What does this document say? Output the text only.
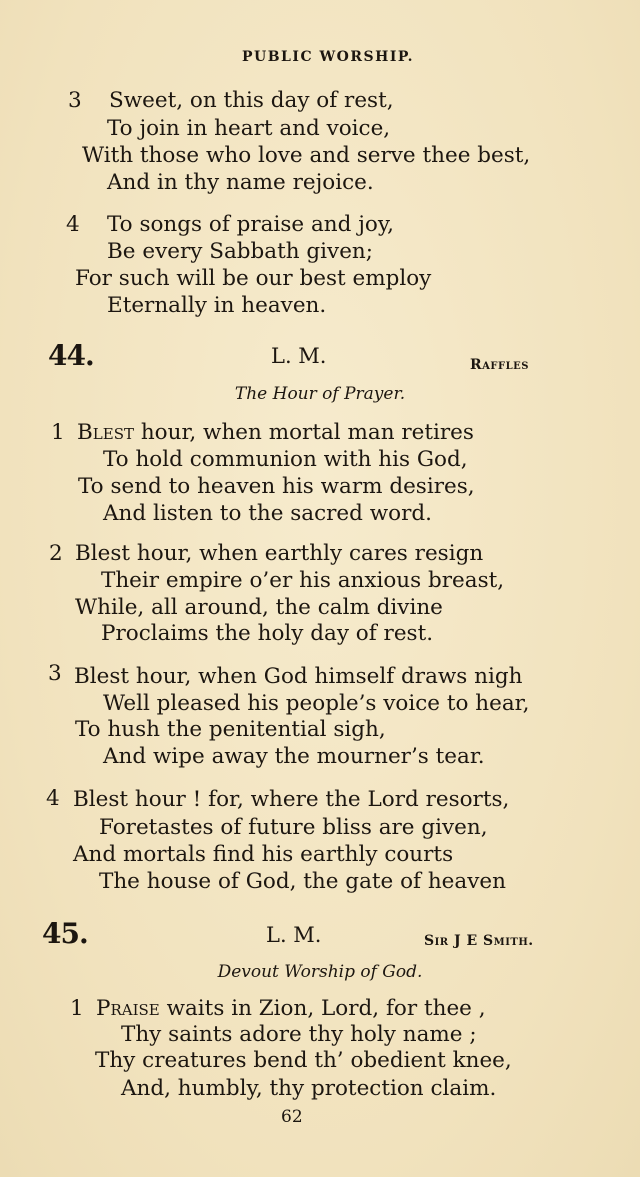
PUBLIC WORSHIP.
3 Sweet, on this day of rest,
To join in heart and voice,
With those who love and serve thee best,
And in thy name rejoice.
4 To songs of praise and joy,
Be every Sabbath given;
For such will be our best employ
Eternally in heaven.
44.	L. M.	Raffles
The Hour of Prayer.
1 Blest hour, when mortal man retires
To hold communion with his God,
To send to heaven his warm desires,
And listen to the sacred word.
2 Blest hour, when earthly cares resign
Their empire o’er his anxious breast,
While, all around, the calm divine
Proclaims the holy day of rest.
3 Blest hour, when God himself draws nigh
Well pleased his people’s voice to hear,
To hush the penitential sigh,
And wipe away the mourner’s tear.
4 Blest hour ! for, where the Lord resorts,
Foretastes of future bliss are given,
And mortals find his earthly courts
The house of God, the gate of heaven
45.	L. M.	Sir J E Smith.
Devout Worship of God.
1 Praise waits in Zion, Lord, for thee ,
Thy saints adore thy holy name ;
Thy creatures bend th’ obedient knee,
And, humbly, thy protection claim.
62
